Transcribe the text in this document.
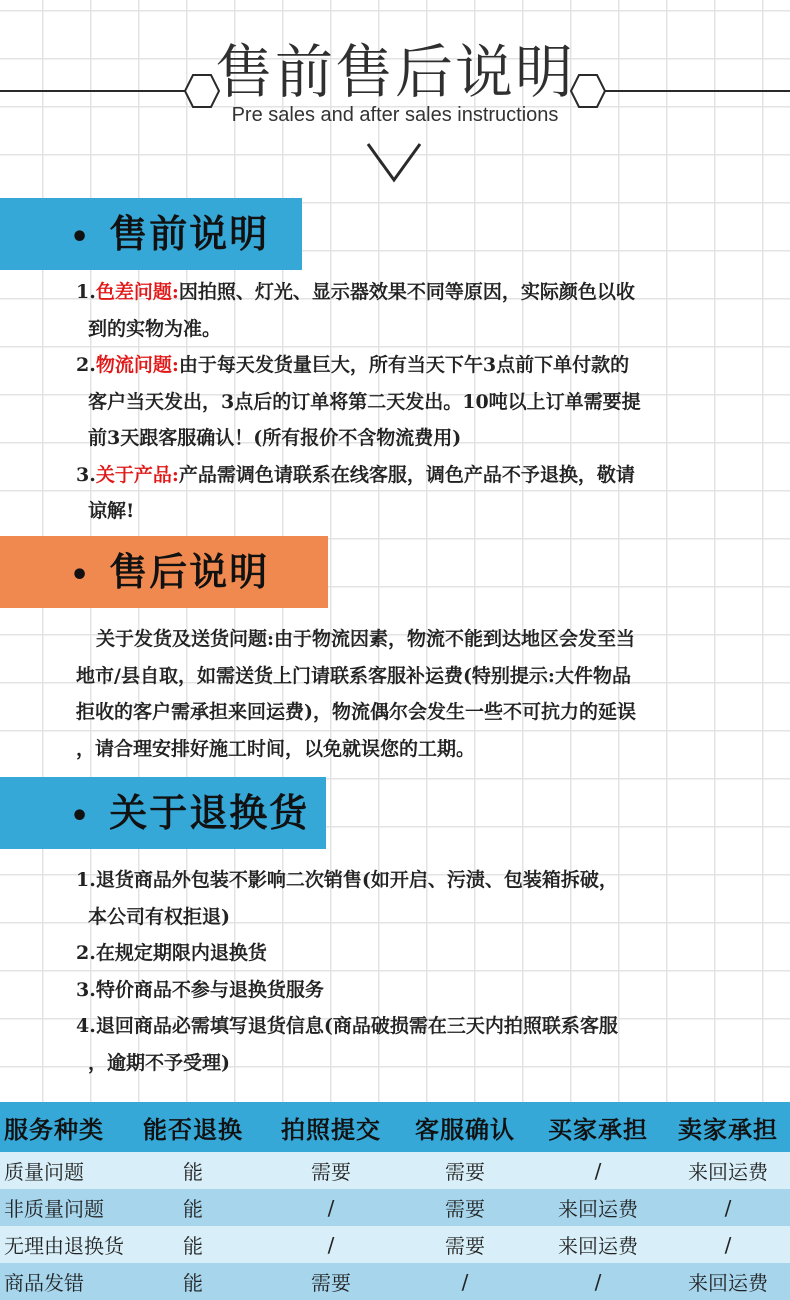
售前售后说明
Pre sales and after sales instructions
• 售前说明
1.色差问题:因拍照、灯光、显示器效果不同等原因，实际颜色以收
到的实物为准。
2.物流问题:由于每天发货量巨大，所有当天下午3点前下单付款的
客户当天发出，3点后的订单将第二天发出。10吨以上订单需要提
前3天跟客服确认！(所有报价不含物流费用)
3.关于产品:产品需调色请联系在线客服，调色产品不予退换，敬请
谅解!
• 售后说明
关于发货及送货问题:由于物流因素，物流不能到达地区会发至当
地市/县自取，如需送货上门请联系客服补运费(特别提示:大件物品
拒收的客户需承担来回运费)，物流偶尔会发生一些不可抗力的延误
，请合理安排好施工时间，以免就误您的工期。
• 关于退换货
1.退货商品外包装不影响二次销售(如开启、污渍、包装箱拆破，
本公司有权拒退)
2.在规定期限内退换货
3.特价商品不参与退换货服务
4.退回商品必需填写退货信息(商品破损需在三天内拍照联系客服
，逾期不予受理)
服务种类	能否退换	拍照提交	客服确认	买家承担	卖家承担
质量问题	能	需要	需要	/	来回运费
非质量问题	能	/	需要	来回运费	/
无理由退换货	能	/	需要	来回运费	/
商品发错	能	需要	/	/	来回运费
